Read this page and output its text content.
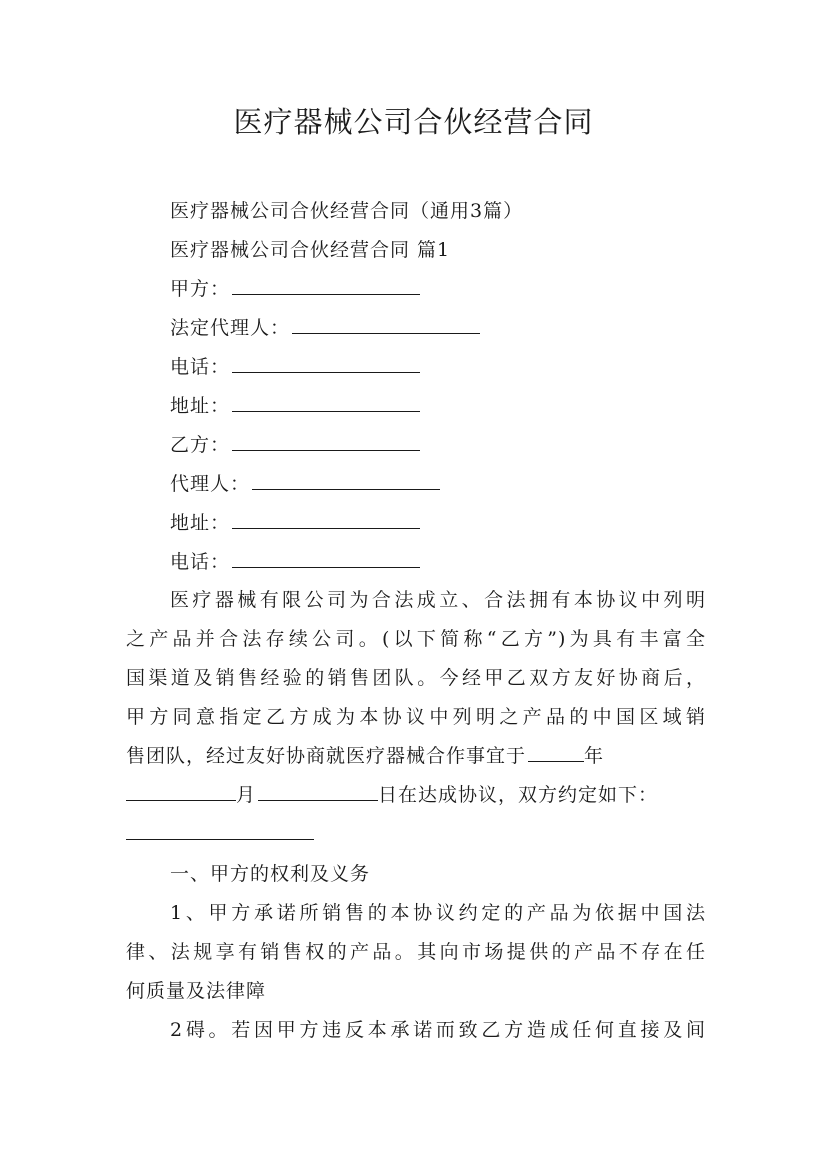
医疗器械公司合伙经营合同
医疗器械公司合伙经营合同（通用3篇）
医疗器械公司合伙经营合同 篇1
甲方：
法定代理人：
电话：
地址：
乙方：
代理人：
地址：
电话：
医疗器械有限公司为合法成立、合法拥有本协议中列明
之产品并合法存续公司。(以下简称“乙方”)为具有丰富全
国渠道及销售经验的销售团队。今经甲乙双方友好协商后，
甲方同意指定乙方成为本协议中列明之产品的中国区域销
售团队，经过友好协商就医疗器械合作事宜于	年
月	日在达成协议，双方约定如下：
一、甲方的权利及义务
1、甲方承诺所销售的本协议约定的产品为依据中国法
律、法规享有销售权的产品。其向市场提供的产品不存在任
何质量及法律障
2碍。若因甲方违反本承诺而致乙方造成任何直接及间
